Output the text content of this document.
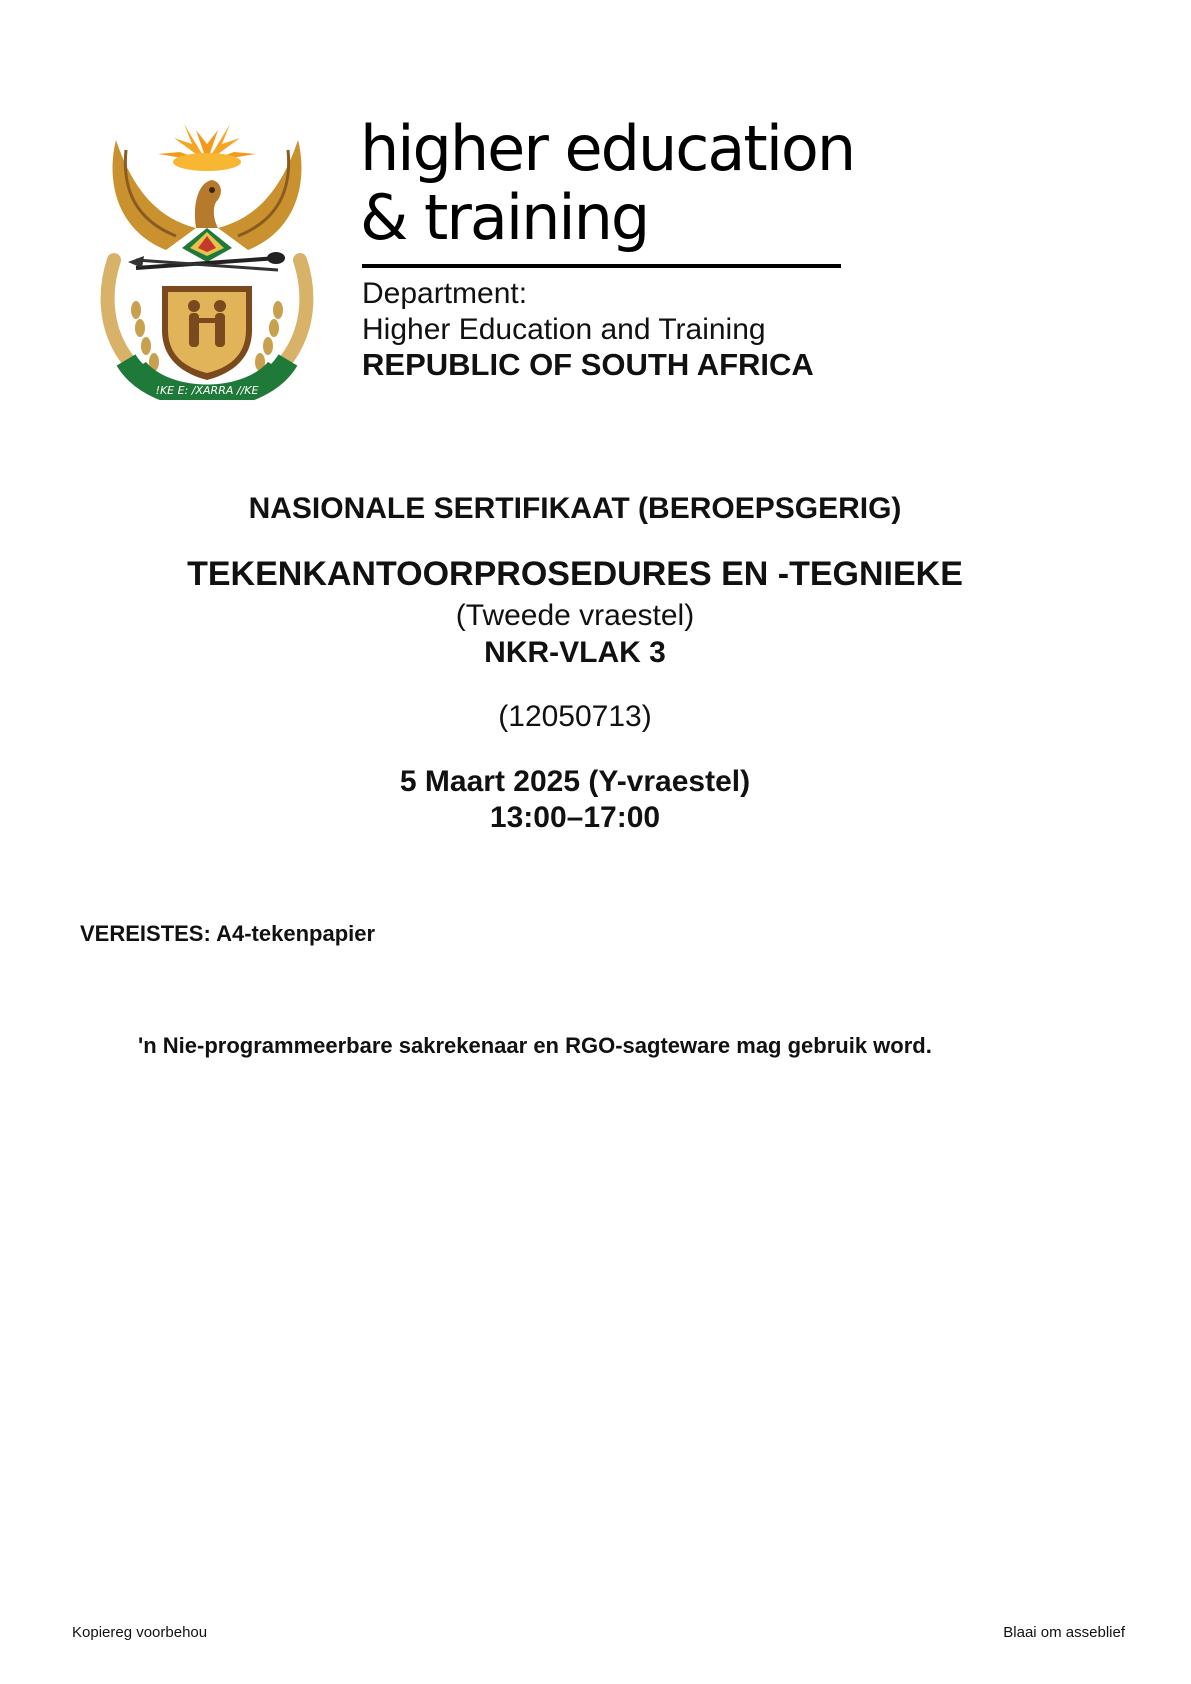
!KE E: /XARRA //KE
higher education
& training
Department:
Higher Education and Training
REPUBLIC OF SOUTH AFRICA
NASIONALE SERTIFIKAAT (BEROEPSGERIG)
TEKENKANTOORPROSEDURES EN -TEGNIEKE
(Tweede vraestel)
NKR-VLAK 3
(12050713)
5 Maart 2025 (Y-vraestel)
13:00–17:00
VEREISTES: A4-tekenpapier
'n Nie-programmeerbare sakrekenaar en RGO-sagteware mag gebruik word.
Kopiereg voorbehou	Blaai om asseblief
